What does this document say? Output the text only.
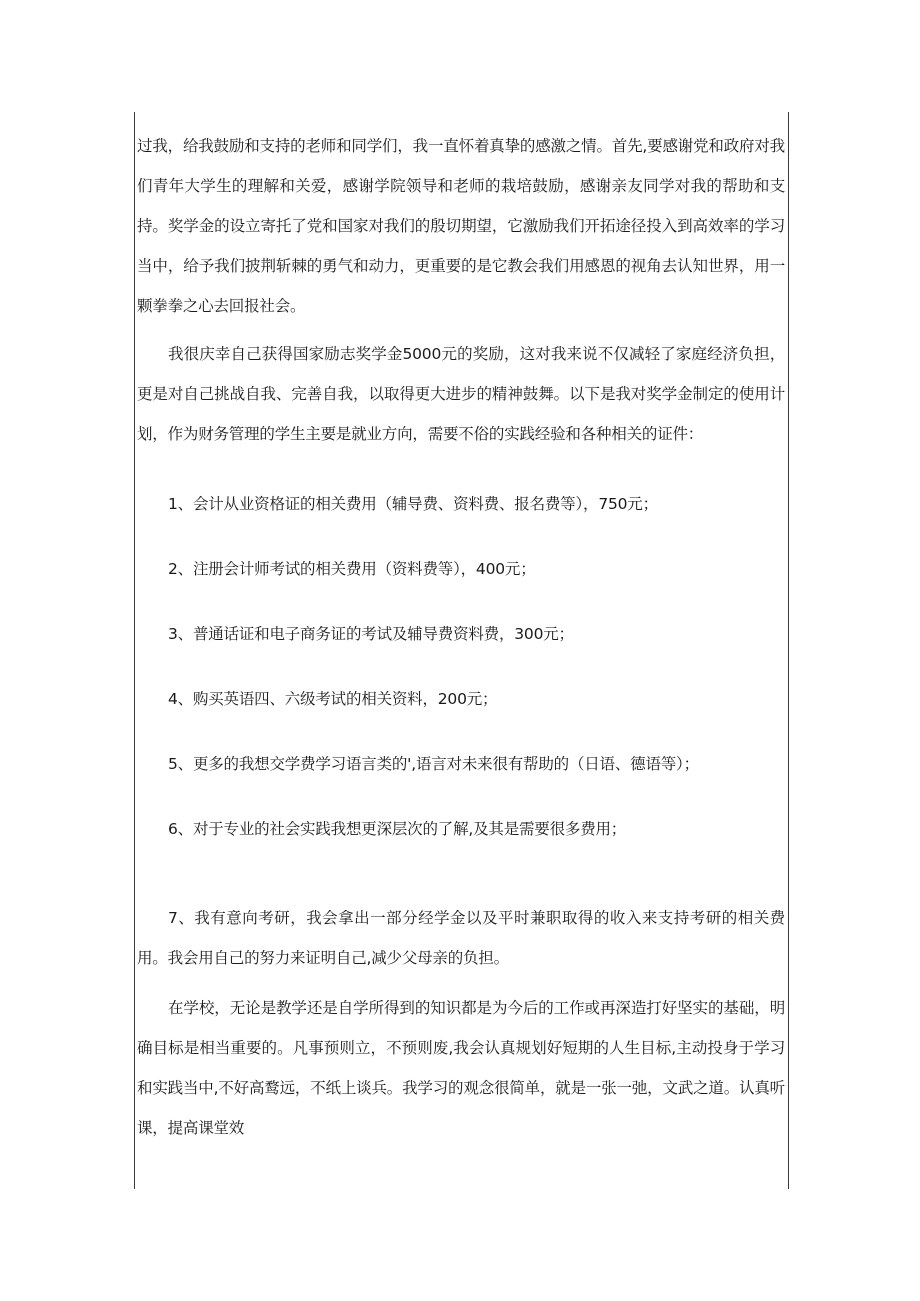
过我，给我鼓励和支持的老师和同学们，我一直怀着真挚的感激之情。首先,要感谢党和政府对我们青年大学生的理解和关爱，感谢学院领导和老师的栽培鼓励，感谢亲友同学对我的帮助和支持。奖学金的设立寄托了党和国家对我们的殷切期望，它激励我们开拓途径投入到高效率的学习当中，给予我们披荆斩棘的勇气和动力，更重要的是它教会我们用感恩的视角去认知世界，用一颗拳拳之心去回报社会。

我很庆幸自己获得国家励志奖学金5000元的奖励，这对我来说不仅减轻了家庭经济负担，更是对自己挑战自我、完善自我，以取得更大进步的精神鼓舞。以下是我对奖学金制定的使用计划，作为财务管理的学生主要是就业方向，需要不俗的实践经验和各种相关的证件：

1、会计从业资格证的相关费用（辅导费、资料费、报名费等），750元；

2、注册会计师考试的相关费用（资料费等），400元；

3、普通话证和电子商务证的考试及辅导费资料费，300元；

4、购买英语四、六级考试的相关资料，200元；

5、更多的我想交学费学习语言类的',语言对未来很有帮助的（日语、德语等）；

6、对于专业的社会实践我想更深层次的了解,及其是需要很多费用；

7、我有意向考研，我会拿出一部分经学金以及平时兼职取得的收入来支持考研的相关费用。我会用自己的努力来证明自己,减少父母亲的负担。

在学校，无论是教学还是自学所得到的知识都是为今后的工作或再深造打好坚实的基础，明确目标是相当重要的。凡事预则立，不预则废,我会认真规划好短期的人生目标,主动投身于学习和实践当中,不好高鹜远，不纸上谈兵。我学习的观念很简单，就是一张一弛，文武之道。认真听课，提高课堂效
